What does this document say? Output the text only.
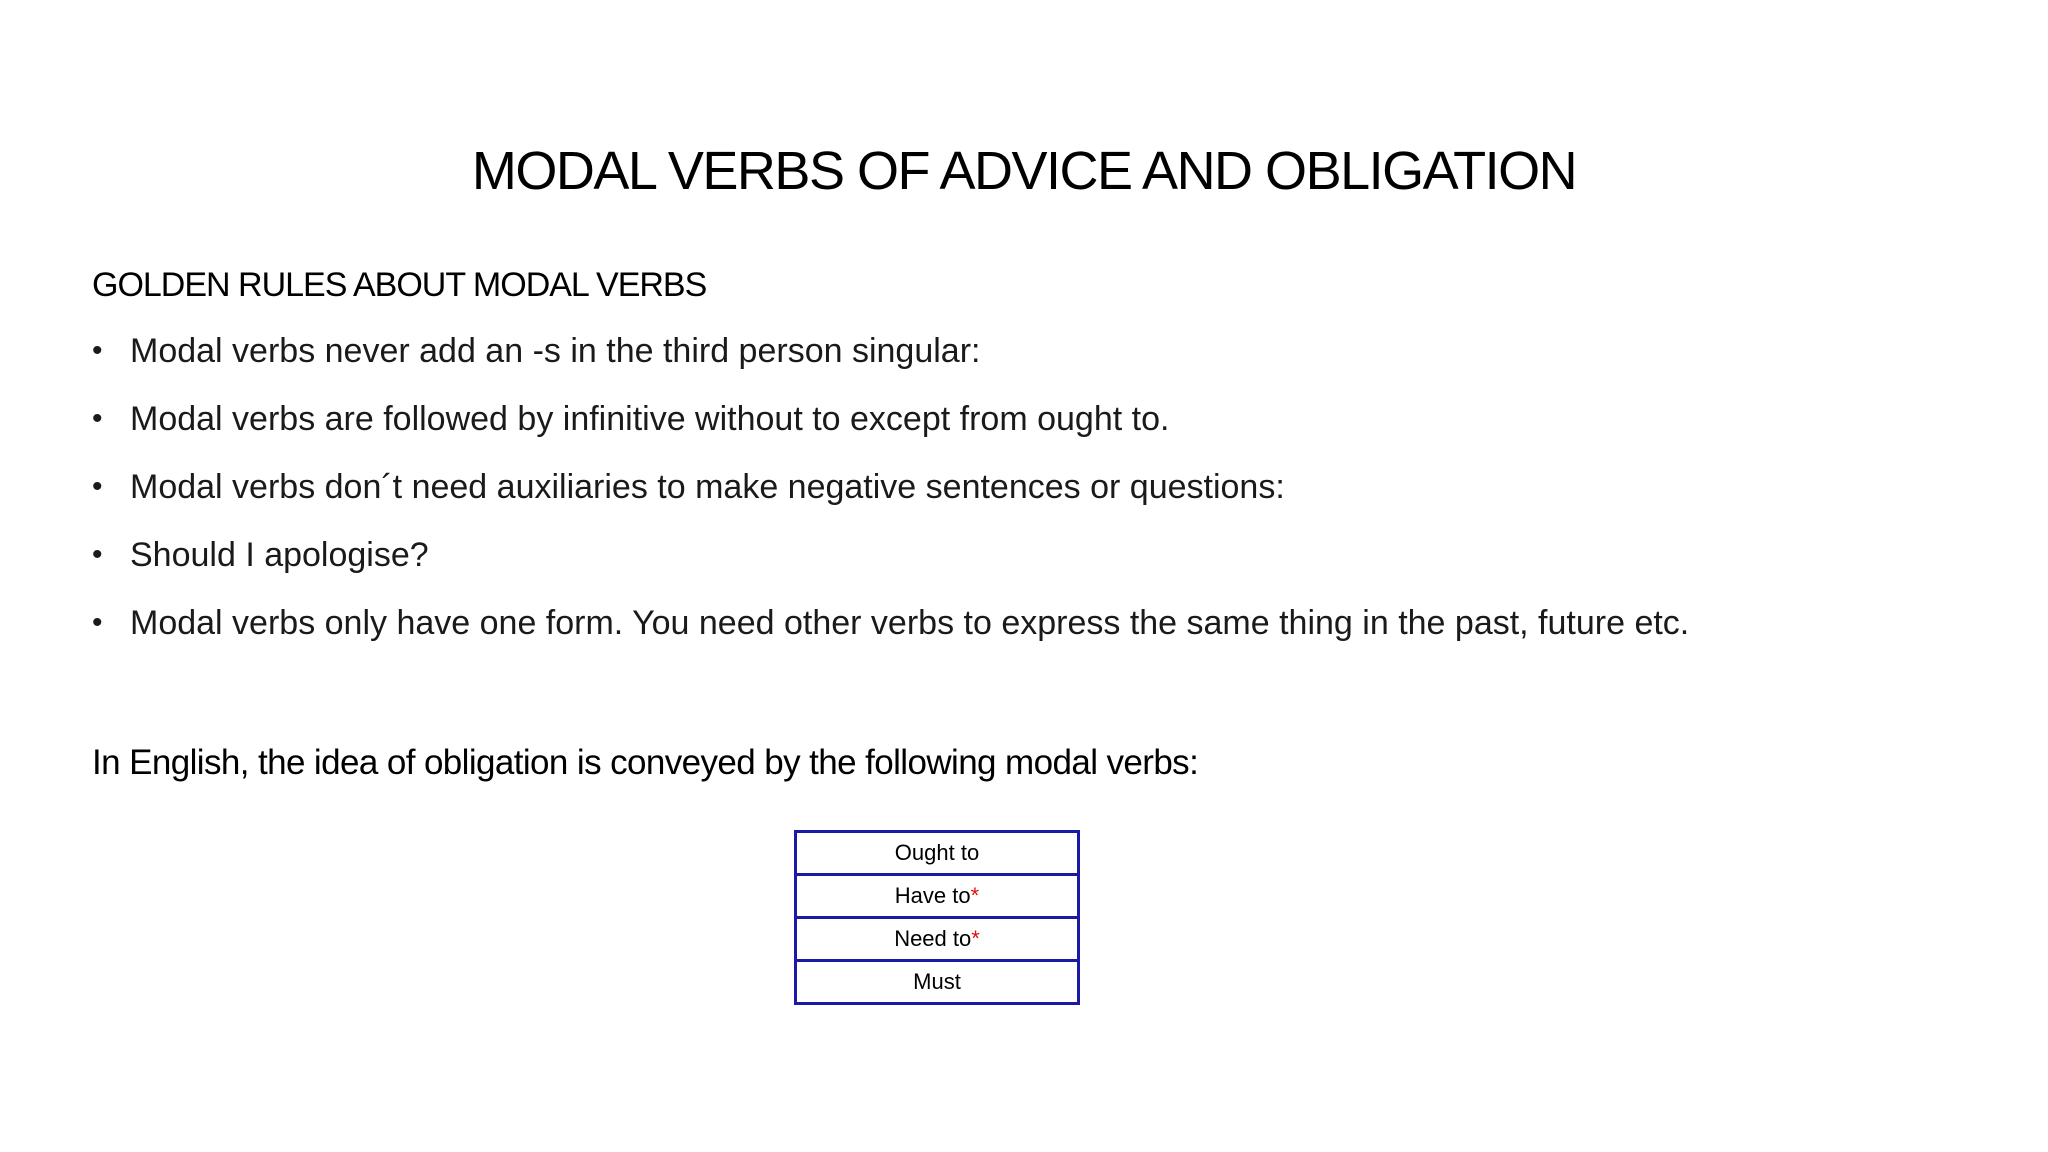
MODAL VERBS OF ADVICE AND OBLIGATION
GOLDEN RULES ABOUT MODAL VERBS
• Modal verbs never add an -s in the third person singular:
• Modal verbs are followed by infinitive without to except from ought to.
• Modal verbs don´t need auxiliaries to make negative sentences or questions:
• Should I apologise?
• Modal verbs only have one form. You need other verbs to express the same thing in the past, future etc.
In English, the idea of obligation is conveyed by the following modal verbs:
Ought to
Have to*
Need to*
Must
